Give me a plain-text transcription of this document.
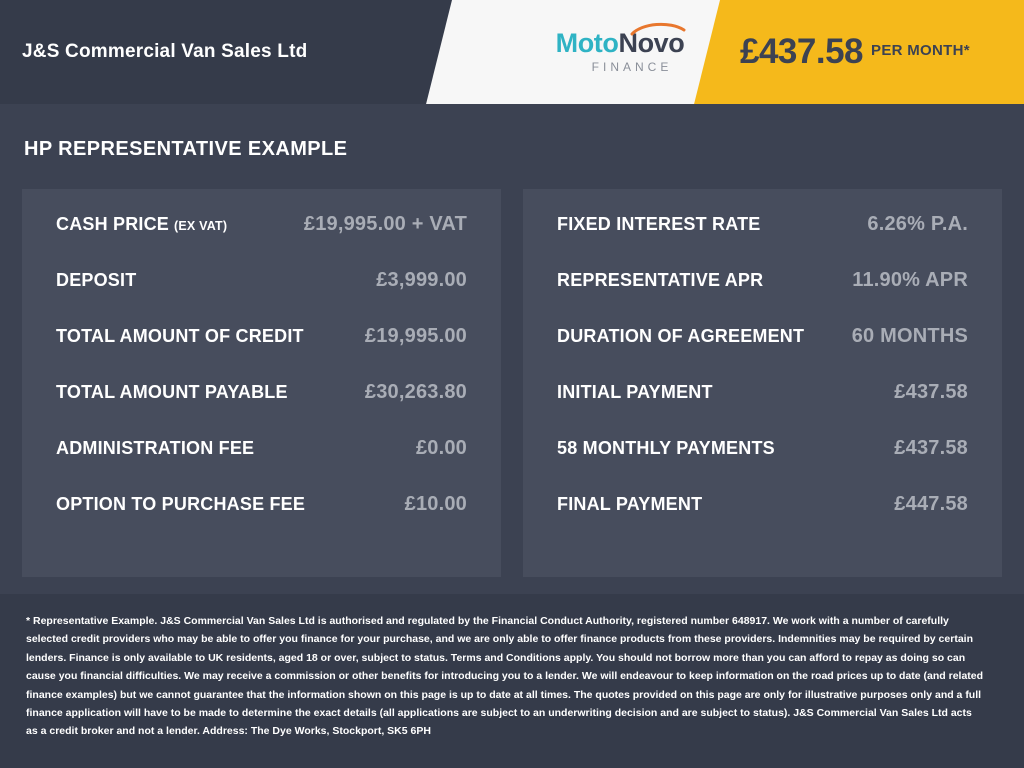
J&S Commercial Van Sales Ltd	MotoNovo
FINANCE £437.58 PER MONTH*
HP REPRESENTATIVE EXAMPLE
CASH PRICE (EX VAT)	£19,995.00 + VAT
DEPOSIT	£3,999.00
TOTAL AMOUNT OF CREDIT	£19,995.00
TOTAL AMOUNT PAYABLE	£30,263.80
ADMINISTRATION FEE	£0.00
OPTION TO PURCHASE FEE	£10.00
FIXED INTEREST RATE	6.26% P.A.
REPRESENTATIVE APR	11.90% APR
DURATION OF AGREEMENT 60 MONTHS
INITIAL PAYMENT	£437.58
58 MONTHLY PAYMENTS	£437.58
FINAL PAYMENT	£447.58
* Representative Example. J&S Commercial Van Sales Ltd is authorised and regulated by the Financial Conduct Authority, registered number 648917. We work with a number of carefully selected credit providers who may be able to offer you finance for your purchase, and we are only able to offer finance products from these providers. Indemnities may be required by certain lenders. Finance is only available to UK residents, aged 18 or over, subject to status. Terms and Conditions apply. You should not borrow more than you can afford to repay as doing so can cause you financial difficulties. We may receive a commission or other benefits for introducing you to a lender. We will endeavour to keep information on the road prices up to date (and related finance examples) but we cannot guarantee that the information shown on this page is up to date at all times. The quotes provided on this page are only for illustrative purposes only and a full finance application will have to be made to determine the exact details (all applications are subject to an underwriting decision and are subject to status). J&S Commercial Van Sales Ltd acts as a credit broker and not a lender. Address: The Dye Works, Stockport, SK5 6PH
